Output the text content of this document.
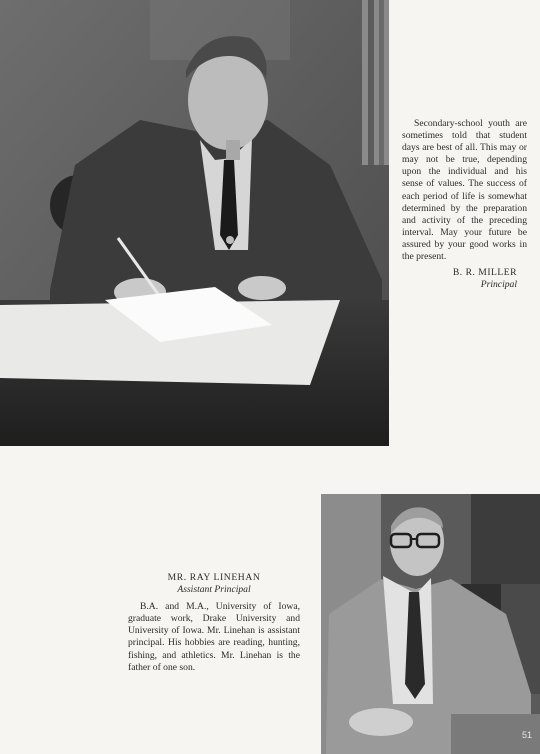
Secondary-school youth are sometimes told that student days are best of all. This may or may not be true, depending upon the individual and his sense of values. The success of each period of life is somewhat determined by the preparation and activity of the preceding interval. May your future be assured by your good works in the present.

B. R. MILLER
Principal
MR. RAY LINEHAN
Assistant Principal

B.A. and M.A., University of Iowa, graduate work, Drake University and University of Iowa. Mr. Linehan is assistant principal. His hobbies are reading, hunting, fishing, and athletics. Mr. Linehan is the father of one son.

51
